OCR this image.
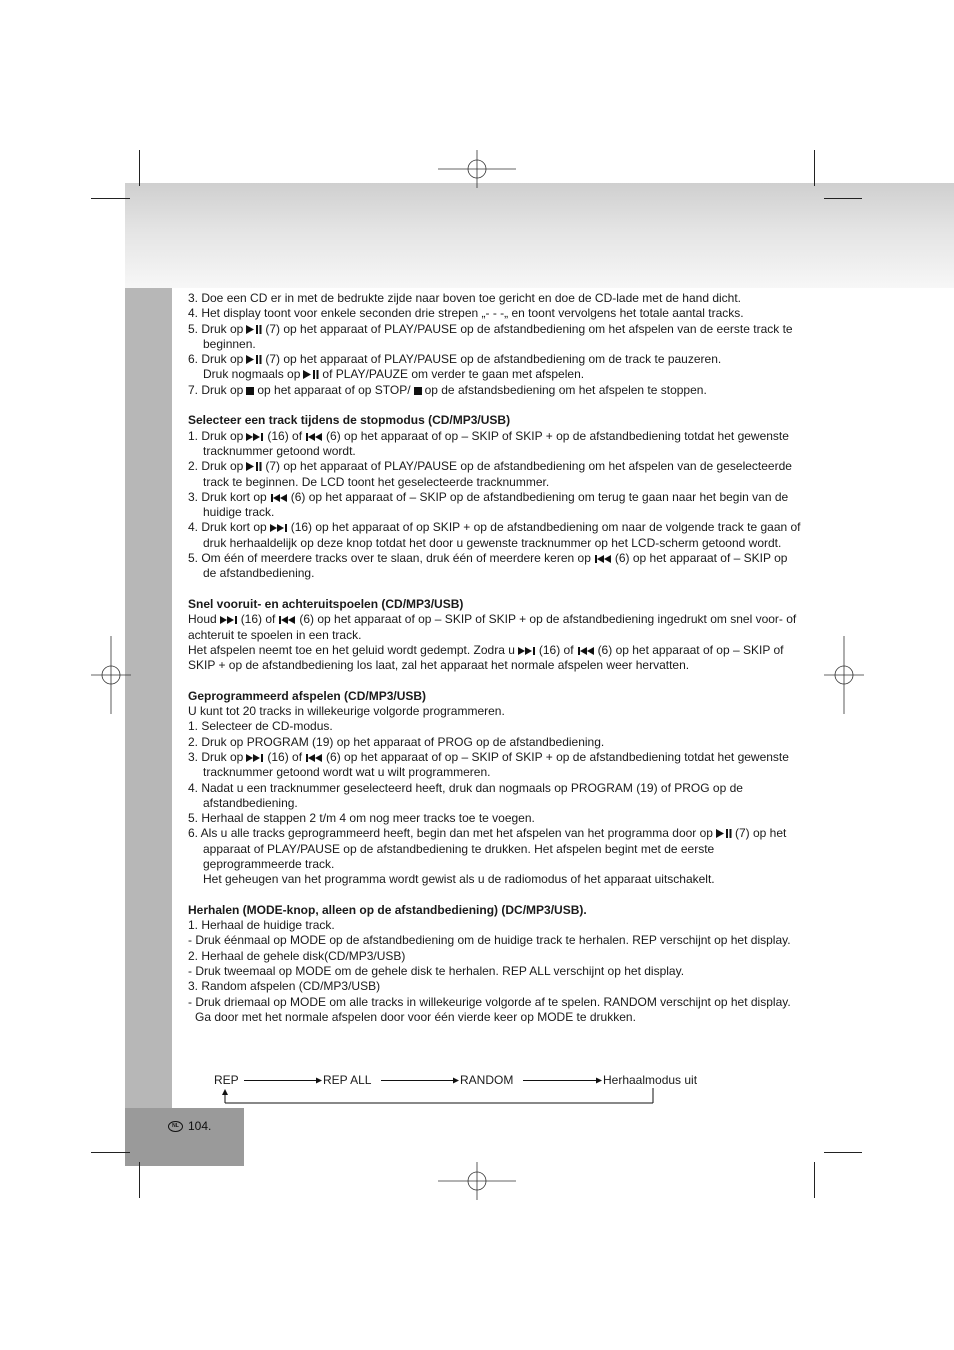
NL 104.

3. Doe een CD er in met de bedrukte zijde naar boven toe gericht en doe de CD-lade met de hand dicht.

4. Het display toont voor enkele seconden drie strepen „- - -„ en toont vervolgens het totale aantal tracks.

5. Druk op (7) op het apparaat of PLAY/PAUSE op de afstandbediening om het afspelen van de eerste track te beginnen.

6. Druk op (7) op het apparaat of PLAY/PAUSE op de afstandbediening om de track te pauzeren.

Druk nogmaals op of PLAY/PAUZE om verder te gaan met afspelen.

7. Druk op op het apparaat of op STOP/ op de afstandsbediening om het afspelen te stoppen.

Selecteer een track tijdens de stopmodus (CD/MP3/USB)

1. Druk op (16) of (6) op het apparaat of op – SKIP of SKIP + op de afstandbediening totdat het gewenste tracknummer getoond wordt.

2. Druk op (7) op het apparaat of PLAY/PAUSE op de afstandbediening om het afspelen van de geselecteerde track te beginnen. De LCD toont het geselecteerde tracknummer.

3. Druk kort op (6) op het apparaat of – SKIP op de afstandbediening om terug te gaan naar het begin van de huidige track.

4. Druk kort op (16) op het apparaat of op SKIP + op de afstandbediening om naar de volgende track te gaan of druk herhaaldelijk op deze knop totdat het door u gewenste tracknummer op het LCD-scherm getoond wordt.

5. Om één of meerdere tracks over te slaan, druk één of meerdere keren op (6) op het apparaat of – SKIP op de afstandbediening.

Snel vooruit- en achteruitspoelen (CD/MP3/USB)

Houd (16) of (6) op het apparaat of op – SKIP of SKIP + op de afstandbediening ingedrukt om snel voor- of achteruit te spoelen in een track.

Het afspelen neemt toe en het geluid wordt gedempt. Zodra u (16) of (6) op het apparaat of op – SKIP of SKIP + op de afstandbediening los laat, zal het apparaat het normale afspelen weer hervatten.

Geprogrammeerd afspelen (CD/MP3/USB)

U kunt tot 20 tracks in willekeurige volgorde programmeren.

1. Selecteer de CD-modus.

2. Druk op PROGRAM (19) op het apparaat of PROG op de afstandbediening.

3. Druk op (16) of (6) op het apparaat of op – SKIP of SKIP + op de afstandbediening totdat het gewenste tracknummer getoond wordt wat u wilt programmeren.

4. Nadat u een tracknummer geselecteerd heeft, druk dan nogmaals op PROGRAM (19) of PROG op de afstandbediening.

5. Herhaal de stappen 2 t/m 4 om nog meer tracks toe te voegen.

6. Als u alle tracks geprogrammeerd heeft, begin dan met het afspelen van het programma door op (7) op het apparaat of PLAY/PAUSE op de afstandbediening te drukken. Het afspelen begint met de eerste geprogrammeerde track.

Het geheugen van het programma wordt gewist als u de radiomodus of het apparaat uitschakelt.

Herhalen (MODE-knop, alleen op de afstandbediening) (DC/MP3/USB).

1. Herhaal de huidige track.

- Druk éénmaal op MODE op de afstandbediening om de huidige track te herhalen. REP verschijnt op het display.

2. Herhaal de gehele disk(CD/MP3/USB)

- Druk tweemaal op MODE om de gehele disk te herhalen. REP ALL verschijnt op het display.

3. Random afspelen (CD/MP3/USB)

- Druk driemaal op MODE om alle tracks in willekeurige volgorde af te spelen. RANDOM verschijnt op het display.

Ga door met het normale afspelen door voor één vierde keer op MODE te drukken.

REP	REP ALL	RANDOM	Herhaalmodus uit
